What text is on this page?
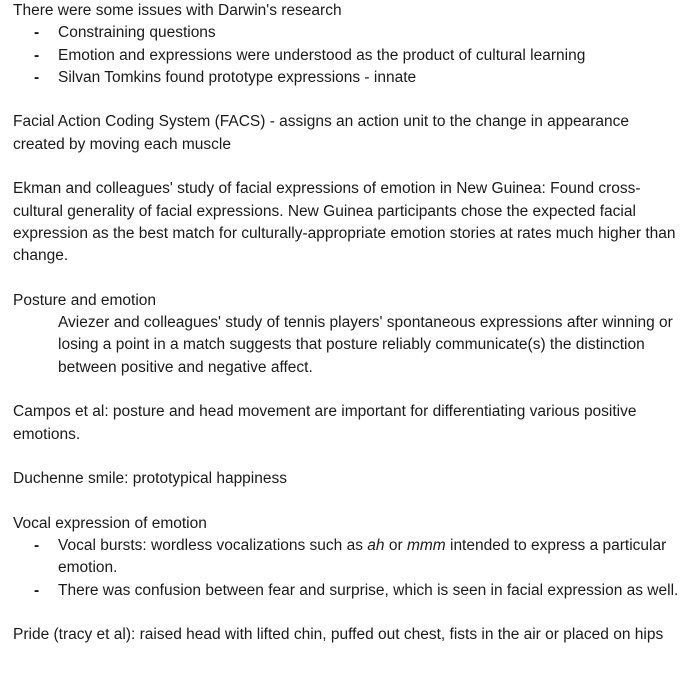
There were some issues with Darwin's research

- Constraining questions
- Emotion and expressions were understood as the product of cultural learning
- Silvan Tomkins found prototype expressions - innate

Facial Action Coding System (FACS) - assigns an action unit to the change in appearance created by moving each muscle

Ekman and colleagues' study of facial expressions of emotion in New Guinea: Found cross-cultural generality of facial expressions. New Guinea participants chose the expected facial expression as the best match for culturally-appropriate emotion stories at rates much higher than change.

Posture and emotion

Aviezer and colleagues' study of tennis players' spontaneous expressions after winning or losing a point in a match suggests that posture reliably communicate(s) the distinction between positive and negative affect.

Campos et al: posture and head movement are important for differentiating various positive emotions.

Duchenne smile: prototypical happiness

Vocal expression of emotion

- Vocal bursts: wordless vocalizations such as ah or mmm intended to express a particular emotion.
- There was confusion between fear and surprise, which is seen in facial expression as well.

Pride (tracy et al): raised head with lifted chin, puffed out chest, fists in the air or placed on hips
